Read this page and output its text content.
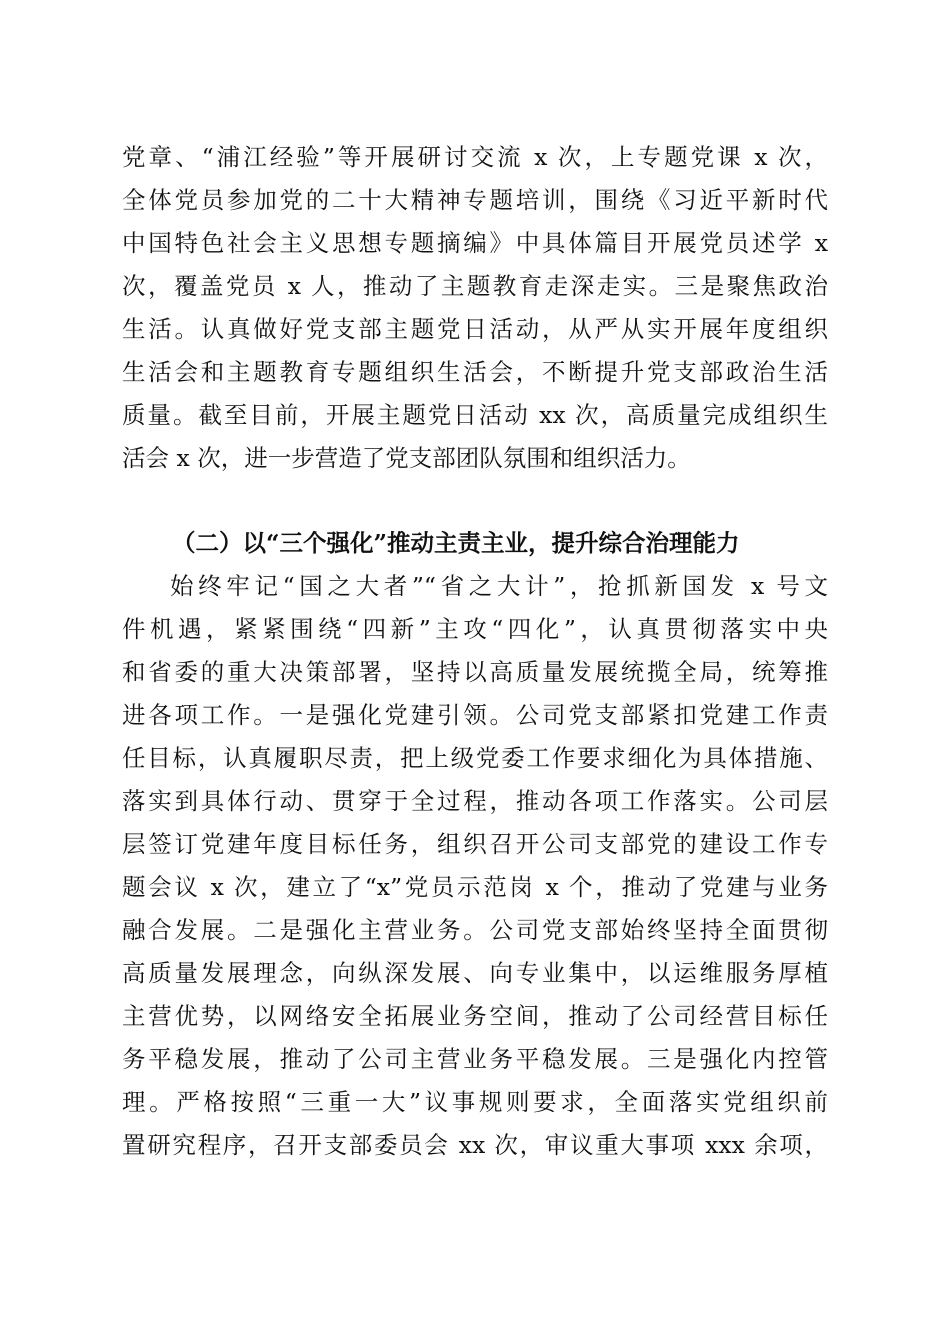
党章、“浦江经验”等开展研讨交流 x 次，上专题党课 x 次，
全体党员参加党的二十大精神专题培训，围绕《习近平新时代
中国特色社会主义思想专题摘编》中具体篇目开展党员述学 x
次，覆盖党员 x 人，推动了主题教育走深走实。三是聚焦政治
生活。认真做好党支部主题党日活动，从严从实开展年度组织
生活会和主题教育专题组织生活会，不断提升党支部政治生活
质量。截至目前，开展主题党日活动 xx 次，高质量完成组织生
活会 x 次，进一步营造了党支部团队氛围和组织活力。
（二）以“三个强化”推动主责主业，提升综合治理能力
始终牢记“国之大者”“省之大计”，抢抓新国发 x 号文
件机遇，紧紧围绕“四新”主攻“四化”，认真贯彻落实中央
和省委的重大决策部署，坚持以高质量发展统揽全局，统筹推
进各项工作。一是强化党建引领。公司党支部紧扣党建工作责
任目标，认真履职尽责，把上级党委工作要求细化为具体措施、
落实到具体行动、贯穿于全过程，推动各项工作落实。公司层
层签订党建年度目标任务，组织召开公司支部党的建设工作专
题会议 x 次，建立了“x”党员示范岗 x 个，推动了党建与业务
融合发展。二是强化主营业务。公司党支部始终坚持全面贯彻
高质量发展理念，向纵深发展、向专业集中，以运维服务厚植
主营优势，以网络安全拓展业务空间，推动了公司经营目标任
务平稳发展，推动了公司主营业务平稳发展。三是强化内控管
理。严格按照“三重一大”议事规则要求，全面落实党组织前
置研究程序，召开支部委员会 xx 次，审议重大事项 xxx 余项，
